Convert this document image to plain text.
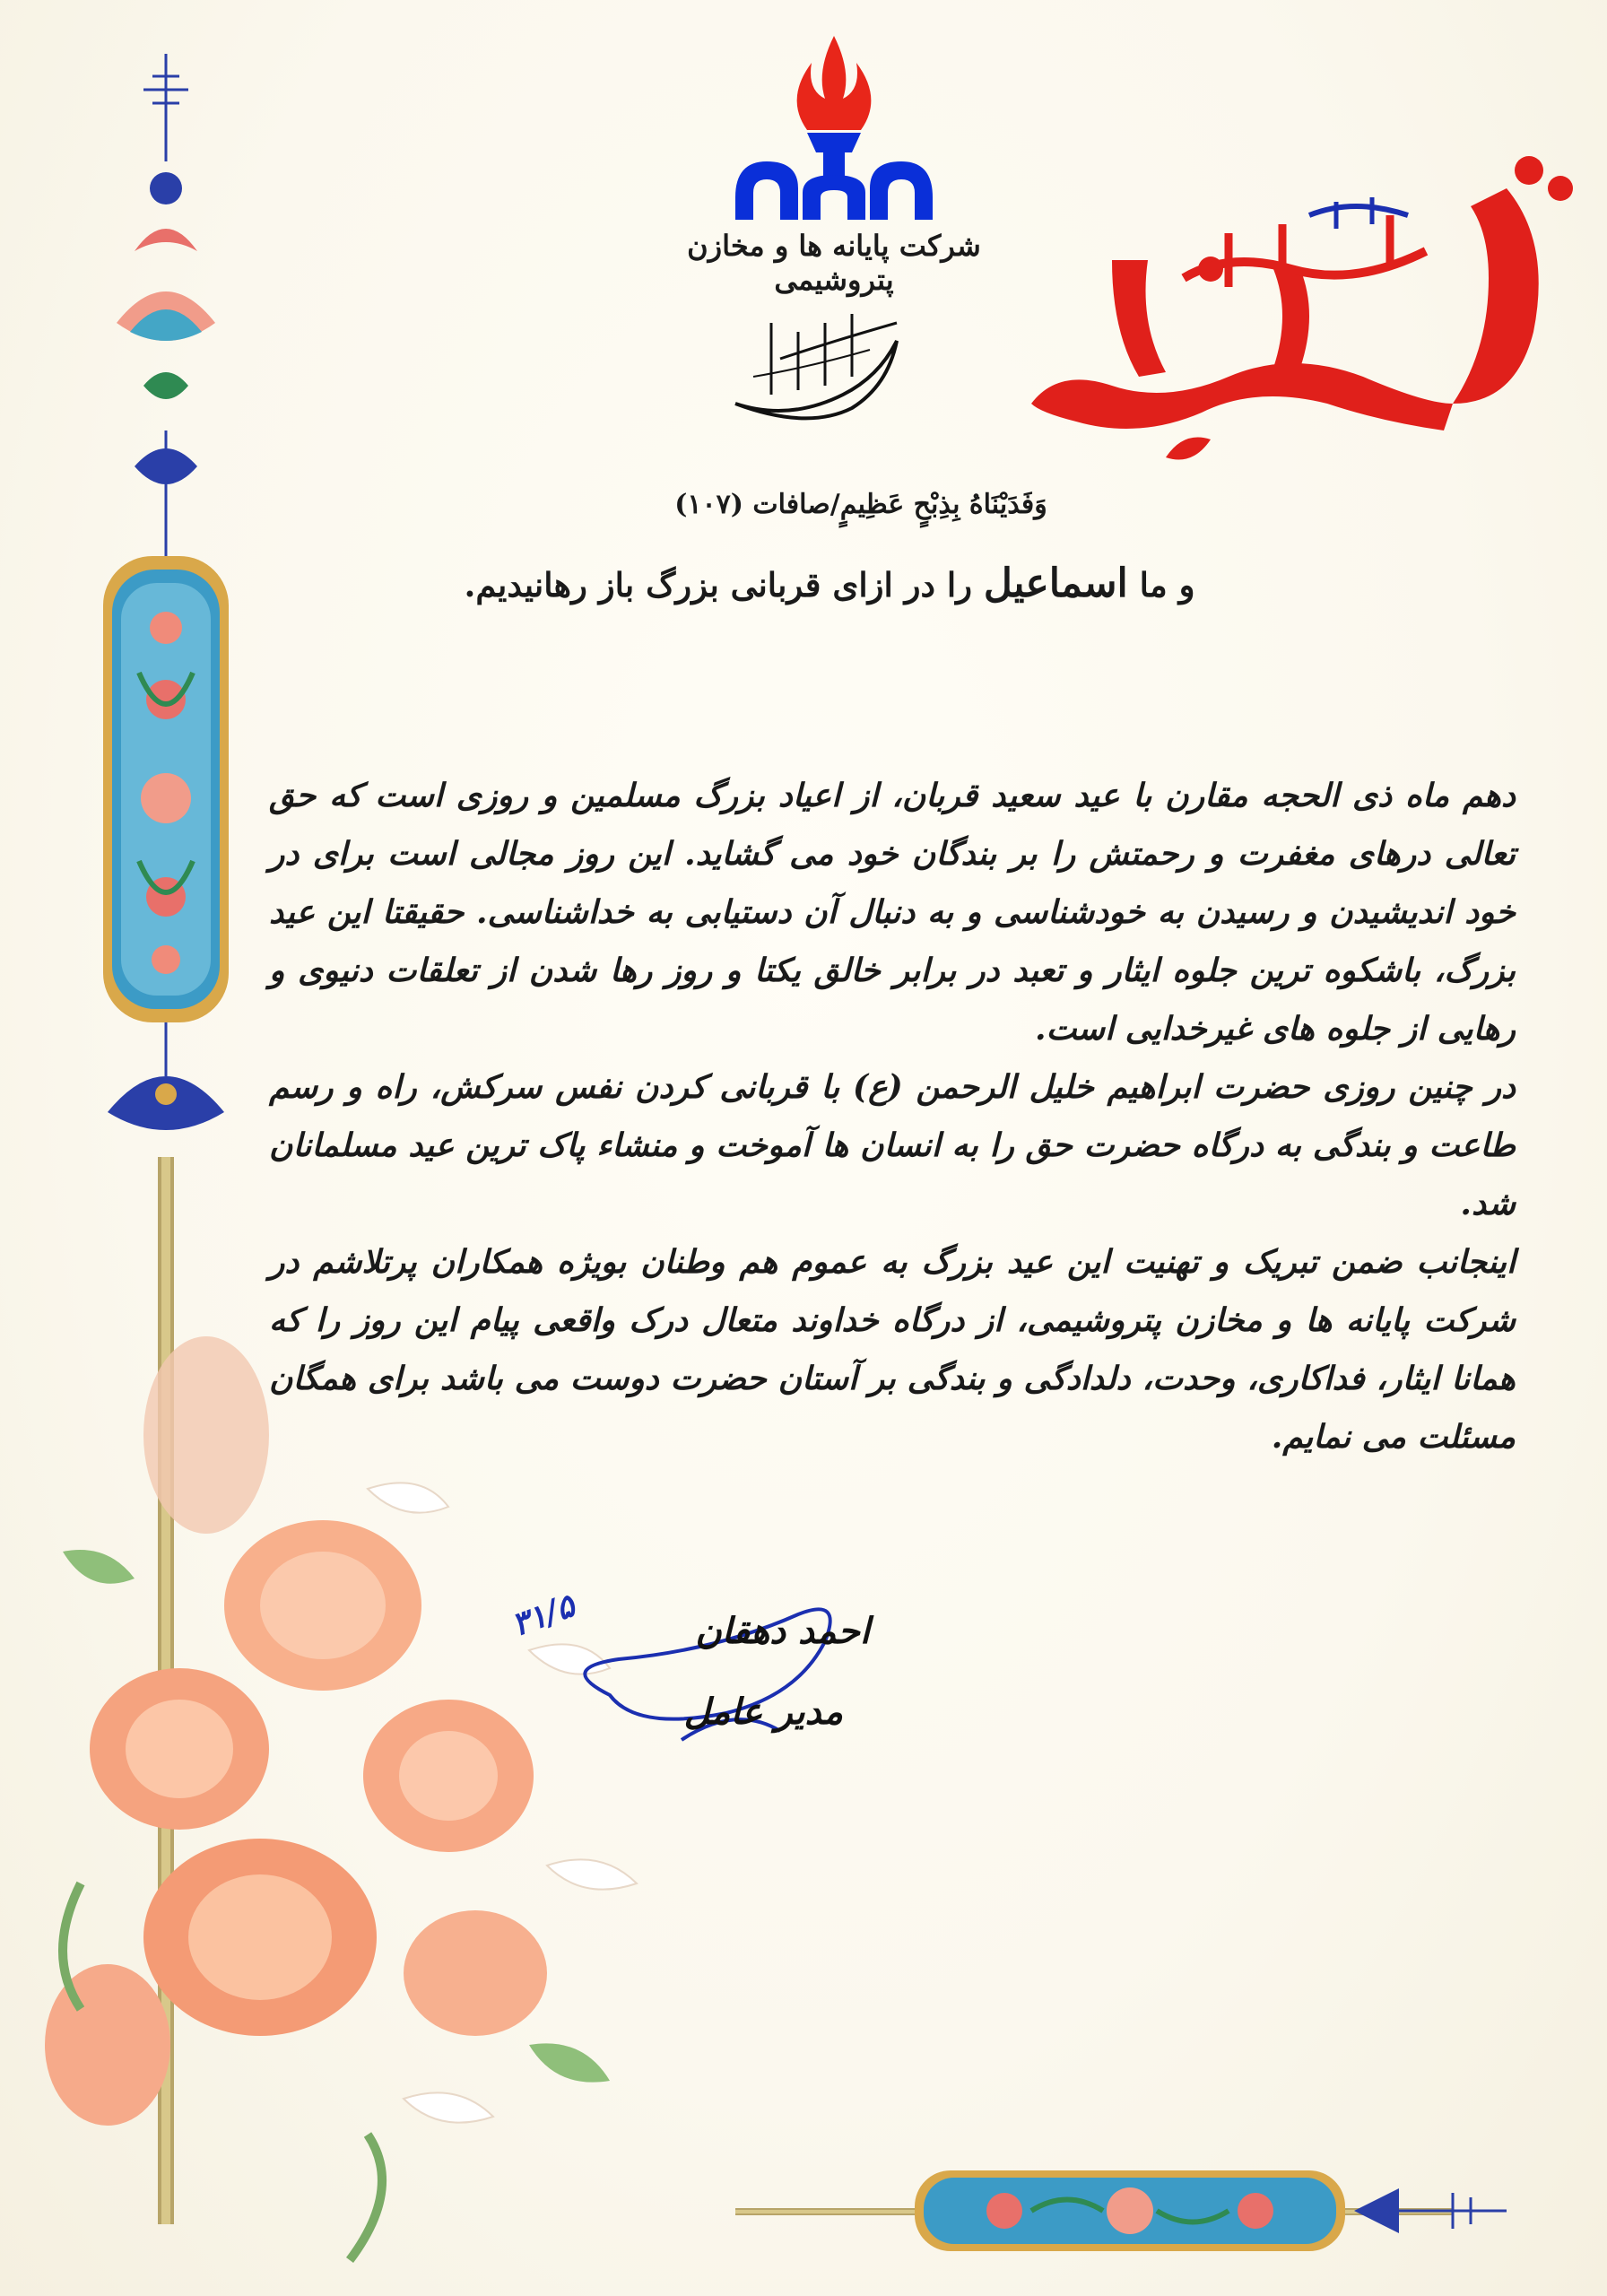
شرکت پایانه ها و مخازن پتروشیمی
وَفَدَيْنَاهُ بِذِبْحٍ عَظِيمٍ/صافات (۱۰۷)
و ما اسماعیل را در ازای قربانی بزرگ باز رهانیدیم.

دهم ماه ذی الحجه مقارن با عید سعید قربان، از اعیاد بزرگ مسلمین و روزی است که حق تعالی درهای مغفرت و رحمتش را بر بندگان خود می گشاید. این روز مجالی است برای در خود اندیشیدن و رسیدن به خودشناسی و به دنبال آن دستیابی به خداشناسی. حقیقتا این عید بزرگ، باشکوه ترین جلوه ایثار و تعبد در برابر خالق یکتا و روز رها شدن از تعلقات دنیوی و رهایی از جلوه های غیرخدایی است.

در چنین روزی حضرت ابراهیم خلیل الرحمن (ع) با قربانی کردن نفس سرکش، راه و رسم طاعت و بندگی به درگاه حضرت حق را به انسان ها آموخت و منشاء پاک ترین عید مسلمانان شد.

اینجانب ضمن تبریک و تهنیت این عید بزرگ به عموم هم وطنان بویژه همکاران پرتلاشم در شرکت پایانه ها و مخازن پتروشیمی، از درگاه خداوند متعال درک واقعی پیام این روز را که همانا ایثار، فداکاری، وحدت، دلدادگی و بندگی بر آستان حضرت دوست می باشد برای همگان مسئلت می نمایم.

۳۱/۵	احمد دهقان
مدیر عامل
